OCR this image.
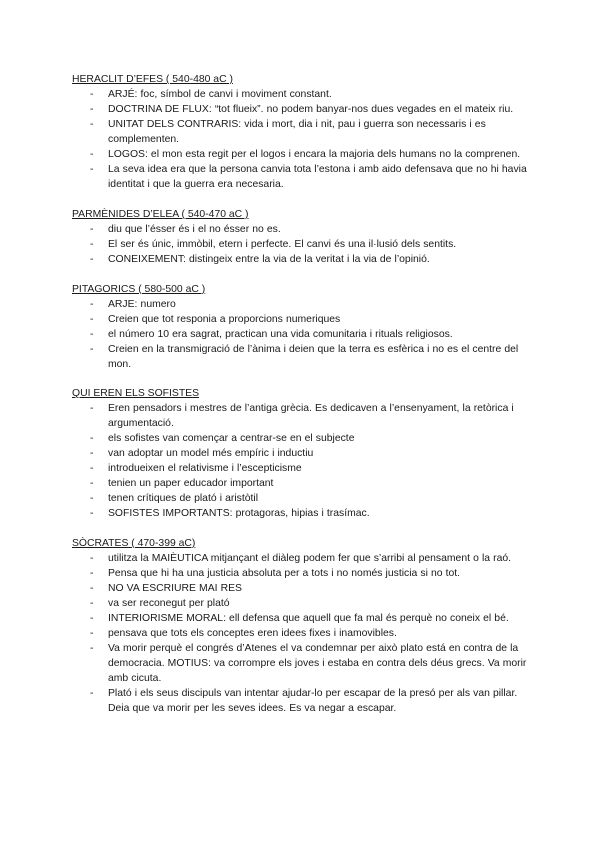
HERACLIT D’EFES ( 540-480 aC )
- ARJÉ: foc, símbol de canvi i moviment constant.
- DOCTRINA DE FLUX: “tot flueix”. no podem banyar-nos dues vegades en el mateix riu.
- UNITAT DELS CONTRARIS: vida i mort, dia i nit, pau i guerra son necessaris i es complementen.
- LOGOS: el mon esta regit per el logos i encara la majoria dels humans no la comprenen.
- La seva idea era que la persona canvia tota l’estona i amb aido defensava que no hi havia identitat i que la guerra era necesaria.
PARMÈNIDES D’ELEA ( 540-470 aC )
- diu que l’ésser és i el no ésser no es.
- El ser és únic, immòbil, etern i perfecte. El canvi és una il·lusió dels sentits.
- CONEIXEMENT: distingeix entre la via de la veritat i la via de l’opinió.
PITAGORICS ( 580-500 aC )
- ARJE: numero
- Creien que tot responia a proporcions numeriques
- el número 10 era sagrat, practican una vida comunitaria i rituals religiosos.
- Creien en la transmigració de l’ànima i deien que la terra es esfèrica i no es el centre del mon.
QUI EREN ELS SOFISTES
- Eren pensadors i mestres de l’antiga grècia. Es dedicaven a l’ensenyament, la retòrica i argumentació.
- els sofistes van començar a centrar-se en el subjecte
- van adoptar un model més empíric i inductiu
- introdueixen el relativisme i l’escepticisme
- tenien un paper educador important
- tenen crítiques de plató i aristòtil
- SOFISTES IMPORTANTS: protagoras, hipias i trasímac.
SÒCRATES ( 470-399 aC)
- utilitza la MAIÈUTICA mitjançant el diàleg podem fer que s’arribi al pensament o la raó.
- Pensa que hi ha una justicia absoluta per a tots i no només justicia si no tot.
- NO VA ESCRIURE MAI RES
- va ser reconegut per plató
- INTERIORISME MORAL: ell defensa que aquell que fa mal és perquè no coneix el bé.
- pensava que tots els conceptes eren idees fixes i inamovibles.
- Va morir perquè el congrés d’Atenes el va condemnar per això plato está en contra de la democracia. MOTIUS: va corrompre els joves i estaba en contra dels déus grecs. Va morir amb cicuta.
- Plató i els seus discipuls van intentar ajudar-lo per escapar de la presó per als van pillar. Deia que va morir per les seves idees. Es va negar a escapar.
